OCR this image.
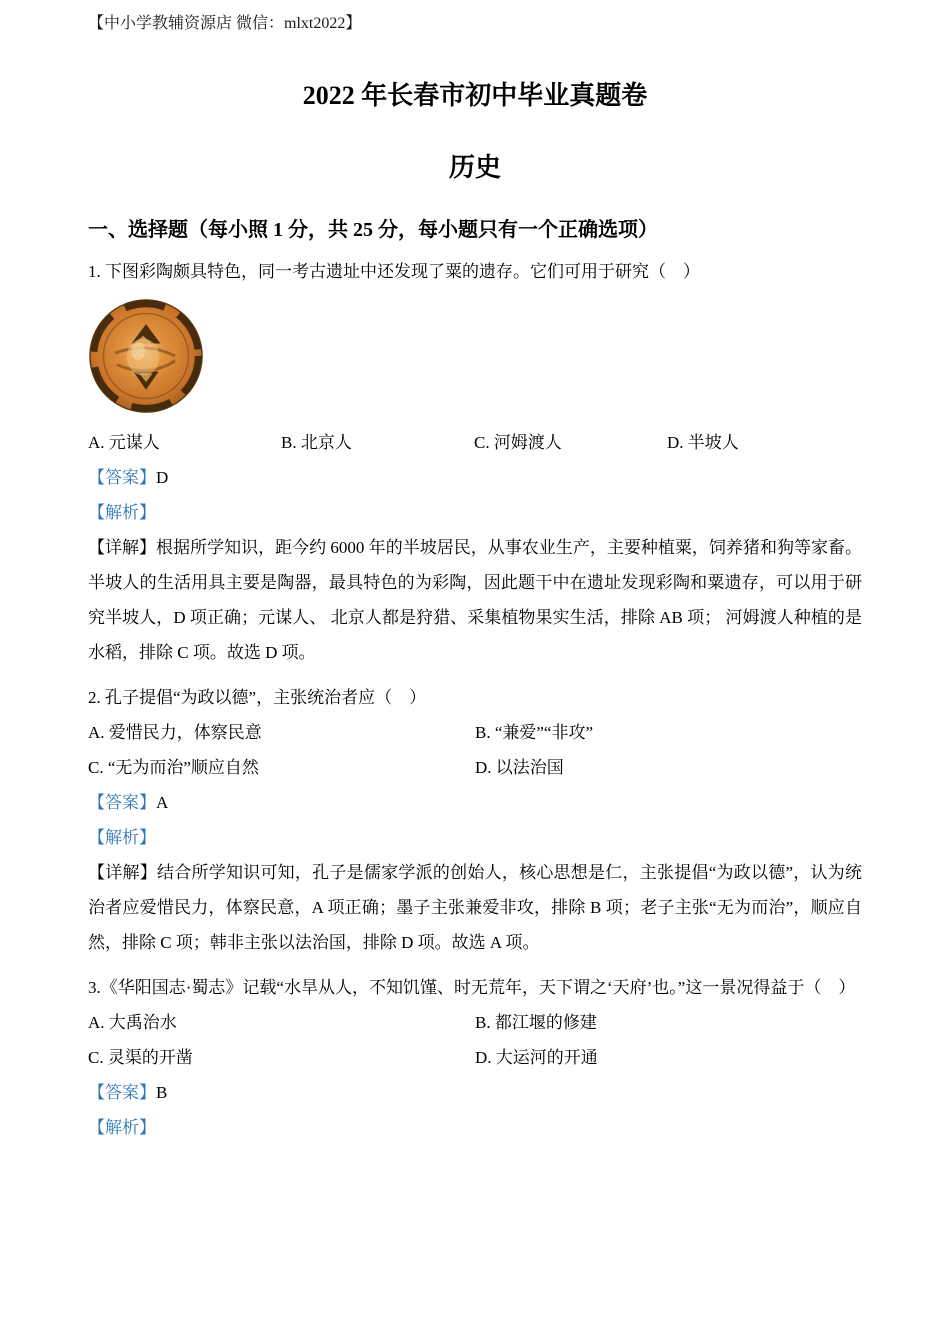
【中小学教辅资源店 微信：mlxt2022】
2022 年长春市初中毕业真题卷
历史
一、选择题（每小照 1 分，共 25 分，每小题只有一个正确选项）

1. 下图彩陶颇具特色，同一考古遗址中还发现了粟的遗存。它们可用于研究（　）

A. 元谋人	B. 北京人	C. 河姆渡人	D. 半坡人

【答案】D

【解析】

【详解】根据所学知识，距今约 6000 年的半坡居民，从事农业生产，主要种植粟，饲养猪和狗等家畜。半坡人的生活用具主要是陶器，最具特色的为彩陶，因此题干中在遗址发现彩陶和粟遗存，可以用于研究半坡人，D 项正确；元谋人、 北京人都是狩猎、采集植物果实生活，排除 AB 项； 河姆渡人种植的是水稻，排除 C 项。故选 D 项。

2. 孔子提倡“为政以德”，主张统治者应（　）

A. 爱惜民力，体察民意	B. “兼爱”“非攻”
C. “无为而治”顺应自然	D. 以法治国

【答案】A

【解析】

【详解】结合所学知识可知，孔子是儒家学派的创始人，核心思想是仁，主张提倡“为政以德”，认为统治者应爱惜民力，体察民意，A 项正确；墨子主张兼爱非攻，排除 B 项；老子主张“无为而治”，顺应自然，排除 C 项；韩非主张以法治国，排除 D 项。故选 A 项。

3.《华阳国志·蜀志》记载“水旱从人，不知饥馑、时无荒年，天下谓之‘天府’也。”这一景况得益于（　）

A. 大禹治水	B. 都江堰的修建
C. 灵渠的开凿	D. 大运河的开通

【答案】B

【解析】
